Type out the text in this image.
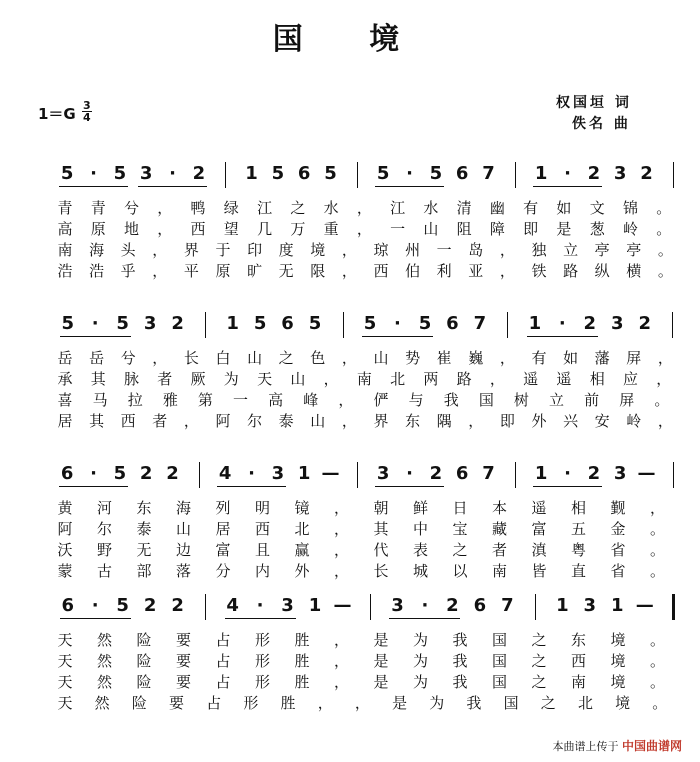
国 境
1＝G 3
4
权国垣 词
佚名 曲
5 · 5 3 · 2 1 5 6 5 5 · 5 6 7 1 · 2 3 2
青 青 兮 ， 鸭 绿 江 之 水 ， 江 水 清 幽 有 如 文 锦 。
高 原 地 ， 西 望 几 万 重 ， 一 山 阻 障 即 是 葱 岭 。
南 海 头 ， 界 于 印 度 境 ， 琼 州 一 岛 ， 独 立 亭 亭 。
浩 浩 乎 ， 平 原 旷 无 限 ， 西 伯 利 亚 ， 铁 路 纵 横 。
5 · 5 3 2 1 5 6 5 5 · 5 6 7 1 · 2 3 2
岳 岳 兮 ， 长 白 山 之 色 ， 山 势 崔 巍 ， 有 如 藩 屏 ，
承 其 脉 者 厥 为 天 山 ， 南 北 两 路 ， 遥 遥 相 应 ，
喜 马 拉 雅 第 一 高 峰 ， 俨 与 我 国 树 立 前 屏 。
居 其 西 者 ， 阿 尔 泰 山 ， 界 东 隅 ， 即 外 兴 安 岭 ，
6 · 5 2 2 4 · 3 1 — 3 · 2 6 7 1 · 2 3 —
黄 河 东 海 列 明 镜 ， 朝 鲜 日 本 遥 相 觐 ，
阿 尔 泰 山 居 西 北 ， 其 中 宝 藏 富 五 金 。
沃 野 无 边 富 且 赢 ， 代 表 之 者 滇 粤 省 。
蒙 古 部 落 分 内 外 ， 长 城 以 南 皆 直 省 。
6 · 5 2 2 4 · 3 1 — 3 · 2 6 7 1 3 1 —
天 然 险 要 占 形 胜 ， 是 为 我 国 之 东 境 。
天 然 险 要 占 形 胜 ， 是 为 我 国 之 西 境 。
天 然 险 要 占 形 胜 ， 是 为 我 国 之 南 境 。
天 然 险 要 占 形 胜 ， ， 是 为 我 国 之 北 境 。
本曲谱上传于 中国曲谱网
